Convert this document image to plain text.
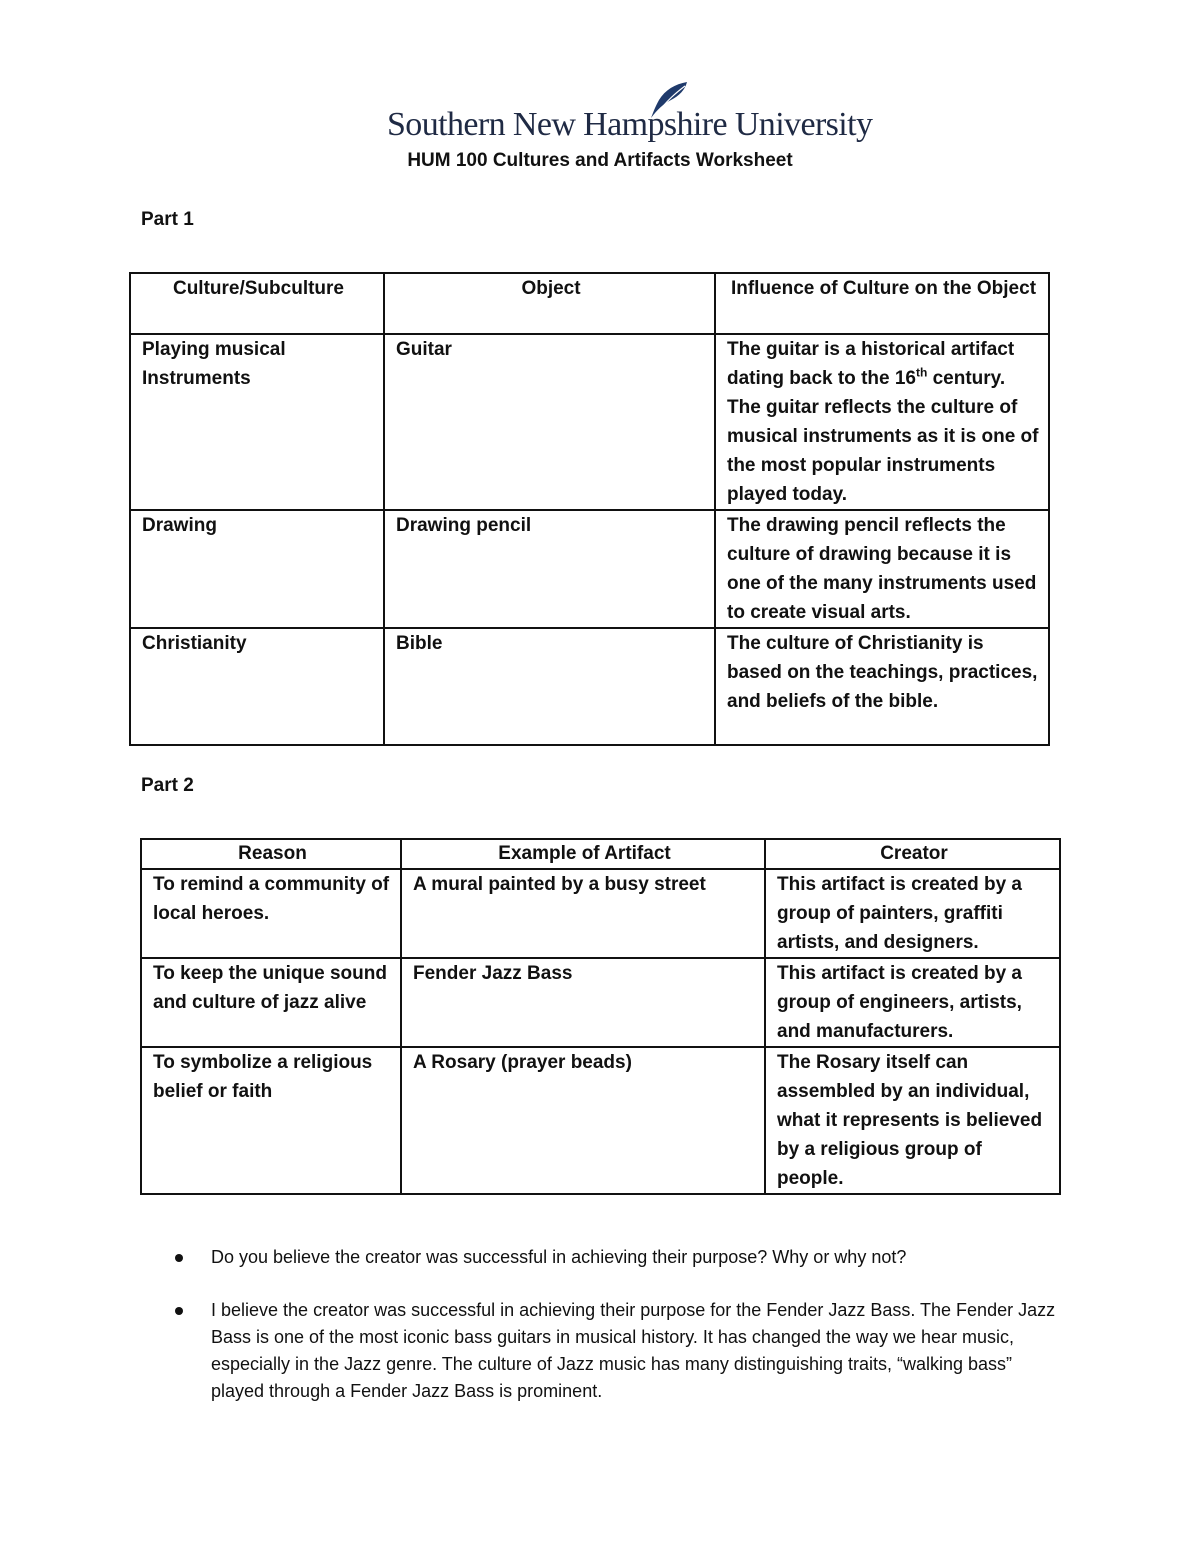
Southern New Hampshire University
HUM 100 Cultures and Artifacts Worksheet
Part 1
Culture/Subculture	Object	Influence of Culture on the Object
Playing musical Instruments	Guitar	The guitar is a historical artifact dating back to the 16th century. The guitar reflects the culture of musical instruments as it is one of the most popular instruments played today.
Drawing	Drawing pencil	The drawing pencil reflects the culture of drawing because it is one of the many instruments used to create visual arts.
Christianity	Bible	The culture of Christianity is based on the teachings, practices, and beliefs of the bible.
Part 2
Reason	Example of Artifact	Creator
To remind a community of local heroes.	A mural painted by a busy street	This artifact is created by a group of painters, graffiti artists, and designers.
To keep the unique sound and culture of jazz alive	Fender Jazz Bass	This artifact is created by a group of engineers, artists, and manufacturers.
To symbolize a religious belief or faith	A Rosary (prayer beads)	The Rosary itself can assembled by an individual, what it represents is believed by a religious group of people.
Do you believe the creator was successful in achieving their purpose? Why or why not?
I believe the creator was successful in achieving their purpose for the Fender Jazz Bass. The Fender Jazz Bass is one of the most iconic bass guitars in musical history. It has changed the way we hear music, especially in the Jazz genre. The culture of Jazz music has many distinguishing traits, “walking bass” played through a Fender Jazz Bass is prominent.
